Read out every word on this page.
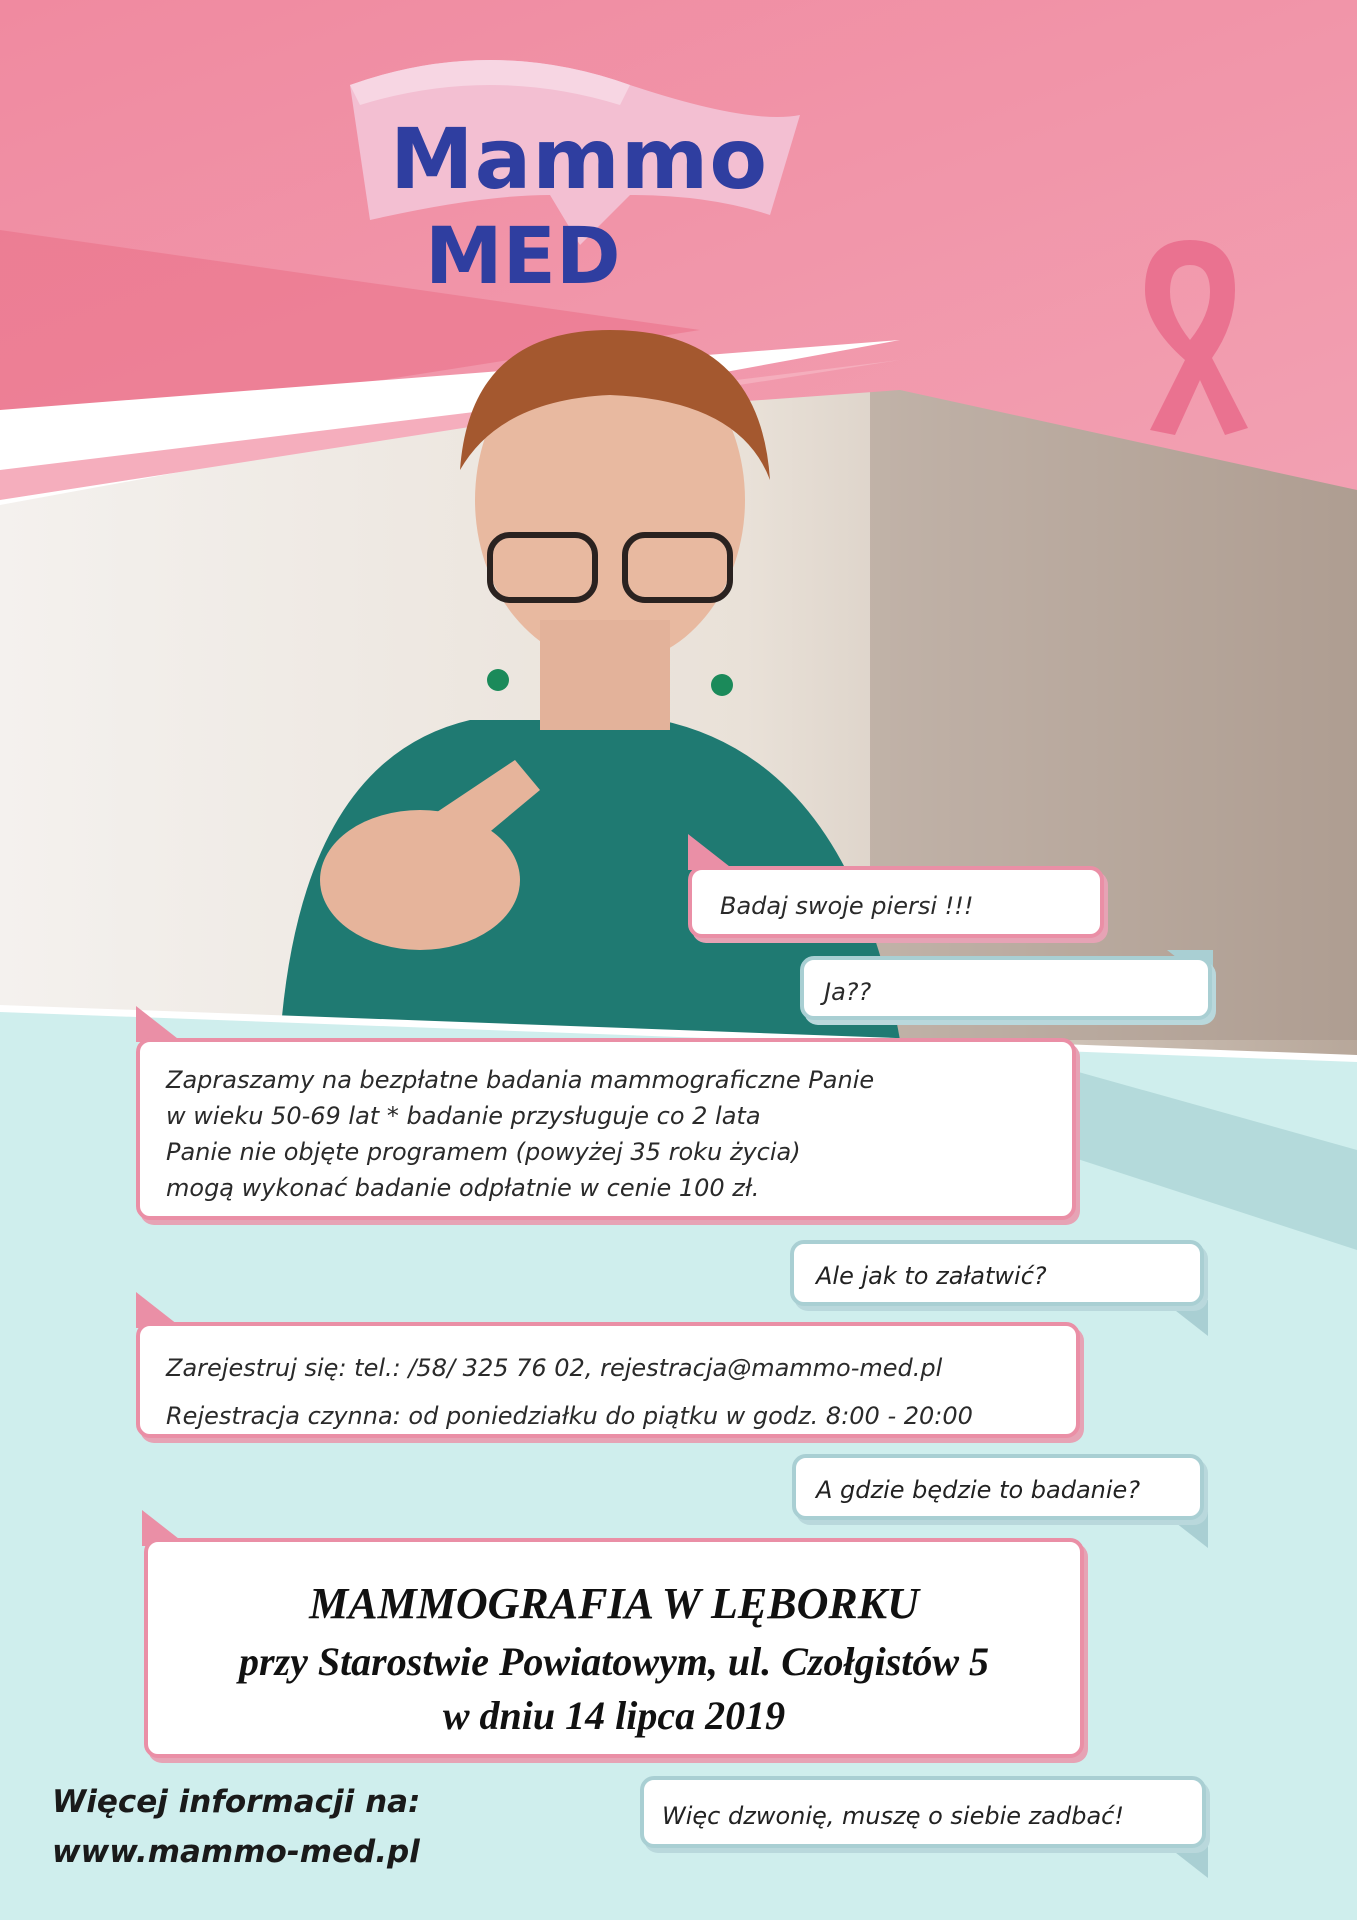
Mammo
MED
Badaj swoje piersi !!!
Ja??
Zapraszamy na bezpłatne badania mammograficzne Panie
w wieku 50-69 lat * badanie przysługuje co 2 lata
Panie nie objęte programem (powyżej 35 roku życia)
mogą wykonać badanie odpłatnie w cenie 100 zł.
Ale jak to załatwić?
Zarejestruj się: tel.: /58/ 325 76 02, rejestracja@mammo-med.pl
Rejestracja czynna: od poniedziałku do piątku w godz. 8:00 - 20:00
A gdzie będzie to badanie?
MAMMOGRAFIA W LĘBORKU
przy Starostwie Powiatowym, ul. Czołgistów 5
w dniu 14 lipca 2019
Więc dzwonię, muszę o siebie zadbać!
Więcej informacji na:
www.mammo-med.pl
